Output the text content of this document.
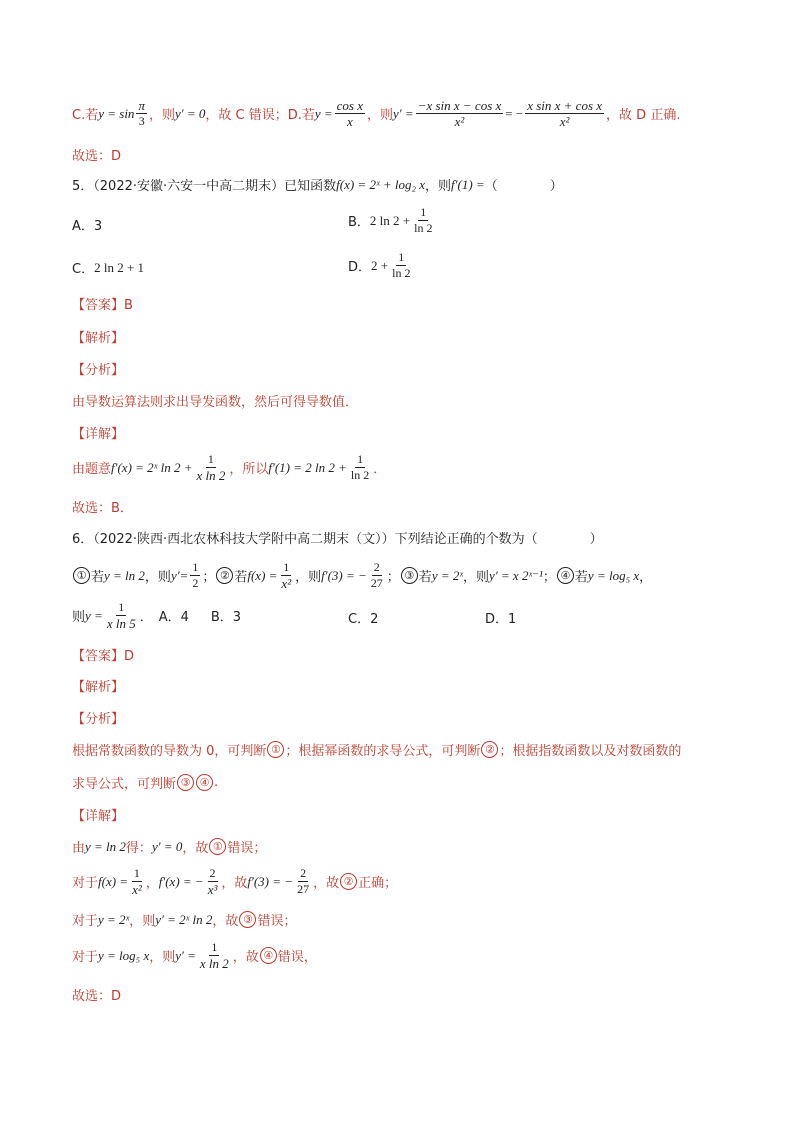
C.若 $y = \sin \frac{\pi}{3}$ ，则 y′ = 0 ，故 C 错误；D.若 $y = \frac{\text{cos x}}{x}$ ，则 $y' = \frac{\text{−x sin x − cos x}}{\text{x²}}$ = − $\frac{\text{x sin x + cos x}}{\text{x²}}$ ，故 D 正确.
故选：D
5．（2022·安徽·六安一中高二期末）已知函数 f(x) = 2ˣ + log₂ x ，则 f′(1) = （　　　　）
A．3	B． 2 $\ln 2 + \frac{1}{\ln 2}$
C． 2 ln 2 + 1	D． $2 + \frac{1}{\ln 2}$
【答案】B
【解析】
【分析】
由导数运算法则求出导发函数，然后可得导数值．
【详解】
由题意 f′(x) = 2ˣ $\ln 2 + \frac{1}{\text{x ln 2}}$ ，所以 f′(1) = 2 $\ln 2 + \frac{1}{\ln 2}$ ．
故选：B．
6．（2022·陕西·西北农林科技大学附中高二期末（文））下列结论正确的个数为（　　　　）
① 若 y = ln 2 ，则 $y'= \frac{1}{2}$ ； ② 若 $f(x) = \frac{1}{\text{x²}}$ ，则 f′(3) = − $\frac{2}{27}$ ； ③ 若 y = 2ˣ ，则 y′ = x 2ˣ⁻¹ ； ④ 若 y = log₅ x ，
则 $y = \frac{1}{\text{x ln 5}}$ ． A．4 B．3	C．2	D．1
【答案】D
【解析】
【分析】
根据常数函数的导数为 0，可判断 ① ；根据幂函数的求导公式，可判断 ② ；根据指数函数以及对数函数的
求导公式，可判断 ③ ④ .
【详解】
由 y = ln 2 得： y′ = 0 ，故 ① 错误；
对于 $f(x) = \frac{1}{\text{x²}}$ ， f′(x) = − $\frac{2}{\text{x³}}$ ，故 f′(3) = − $\frac{2}{27}$ ，故 ② 正确；
对于 y = 2ˣ ，则 y′ = 2ˣ ln 2 ，故 ③ 错误；
对于 y = log₅ x ，则 $y' = \frac{1}{\text{x ln 2}}$ ，故 ④ 错误，
故选：D
